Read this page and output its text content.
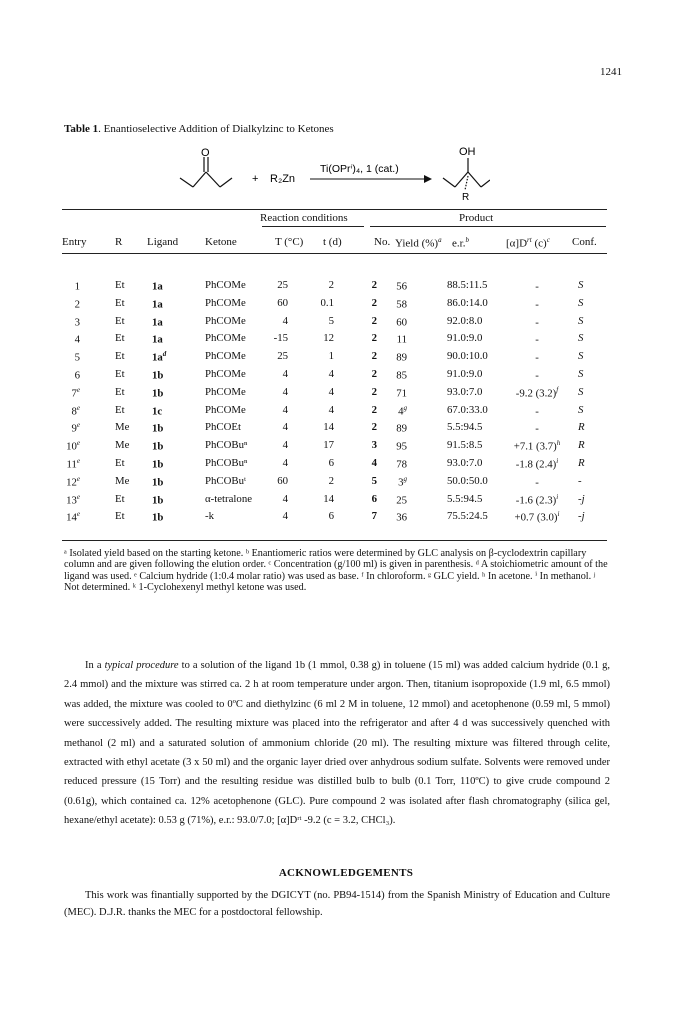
1241
Table 1. Enantioselective Addition of Dialkylzinc to Ketones
O
+ R₂Zn
Ti(OPrⁱ)₄, 1 (cat.)
OH
R
Reaction conditions	Product
Entry	R Ligand Ketone	T (°C) t (d)	No. Yield (%)$^a$ e.r.$^b$	$[\alpha]D^{rt}$ $(c)^c$ Conf.
1	Et	1a	PhCOMe	25	2	2	56	88.5:11.5	-	S
2	Et	1a	PhCOMe	60	0.1	2	58	86.0:14.0	-	S
3	Et	1a	PhCOMe	4	5	2	60	92.0:8.0	-	S
4	Et	1a	PhCOMe	-15	12	2	11	91.0:9.0	-	S
5	Et	$1a^d$	PhCOMe	25	1	2	89	90.0:10.0	-	S
6	Et	1b	PhCOMe	4	4	2	85	91.0:9.0	-	S
7e	Et	1b	PhCOMe	4	4	2	71	93.0:7.0	-9.2 $(3.2)^f$	S
8e	Et	1c	PhCOMe	4	4	2	4$^g$	67.0:33.0	-	S
9e	Me 1b	PhCOEt	4	14	2	89	5.5:94.5	-	R
10e	Me 1b	PhCOBuⁿ	4	17	3	95	91.5:8.5	+7.1 $(3.7)^h$	R
11e	Et	1b	PhCOBuⁿ	4	6	4	78	93.0:7.0	-1.8 $(2.4)^i$	R
12e	Me 1b	PhCOBuᵗ	60	2	5	3$^g$	50.0:50.0	-	-
13e	Et	1b	α-tetralone	4	14	6	25	5.5:94.5	-1.6 $(2.3)^i$	-j
14e	Et	1b	-k	4	6	7	36	75.5:24.5	+0.7 $(3.0)^i$	-j
ᵃ Isolated yield based on the starting ketone. ᵇ Enantiomeric ratios were determined by GLC analysis on β-cyclodextrin capillary column and are given following the elution order. ᶜ Concentration (g/100 ml) is given in parenthesis. ᵈ A stoichiometric amount of the ligand was used. ᵉ Calcium hydride (1:0.4 molar ratio) was used as base. ᶠ In chloroform. ᵍ GLC yield. ʰ In acetone. ⁱ In methanol. ʲ Not determined. ᵏ 1-Cyclohexenyl methyl ketone was used.
  In a typical procedure to a solution of the ligand 1b (1 mmol, 0.38 g) in toluene (15 ml) was added calcium hydride (0.1 g, 2.4 mmol) and the mixture was stirred ca. 2 h at room temperature under argon. Then, titanium isopropoxide (1.9 ml, 6.5 mmol) was added, the mixture was cooled to 0ºC and diethylzinc (6 ml 2 M in toluene, 12 mmol) and acetophenone (0.59 ml, 5 mmol) were successively added. The resulting mixture was placed into the refrigerator and after 4 d was successively quenched with methanol (2 ml) and a saturated solution of ammonium chloride (20 ml). The resulting mixture was filtered through celite, extracted with ethyl acetate (3 x 50 ml) and the organic layer dried over anhydrous sodium sulfate. Solvents were removed under reduced pressure (15 Torr) and the resulting residue was distilled bulb to bulb (0.1 Torr, 110ºC) to give crude compound 2 (0.61g), which contained ca. 12% acetophenone (GLC). Pure compound 2 was isolated after flash chromatography (silica gel, hexane/ethyl acetate): 0.53 g (71%), e.r.: 93.0/7.0; [α]Dʳᵗ -9.2 (c = 3.2, CHCl₃).
ACKNOWLEDGEMENTS
  This work was finantially supported by the DGICYT (no. PB94-1514) from the Spanish Ministry of Education and Culture (MEC). D.J.R. thanks the MEC for a postdoctoral fellowship.
